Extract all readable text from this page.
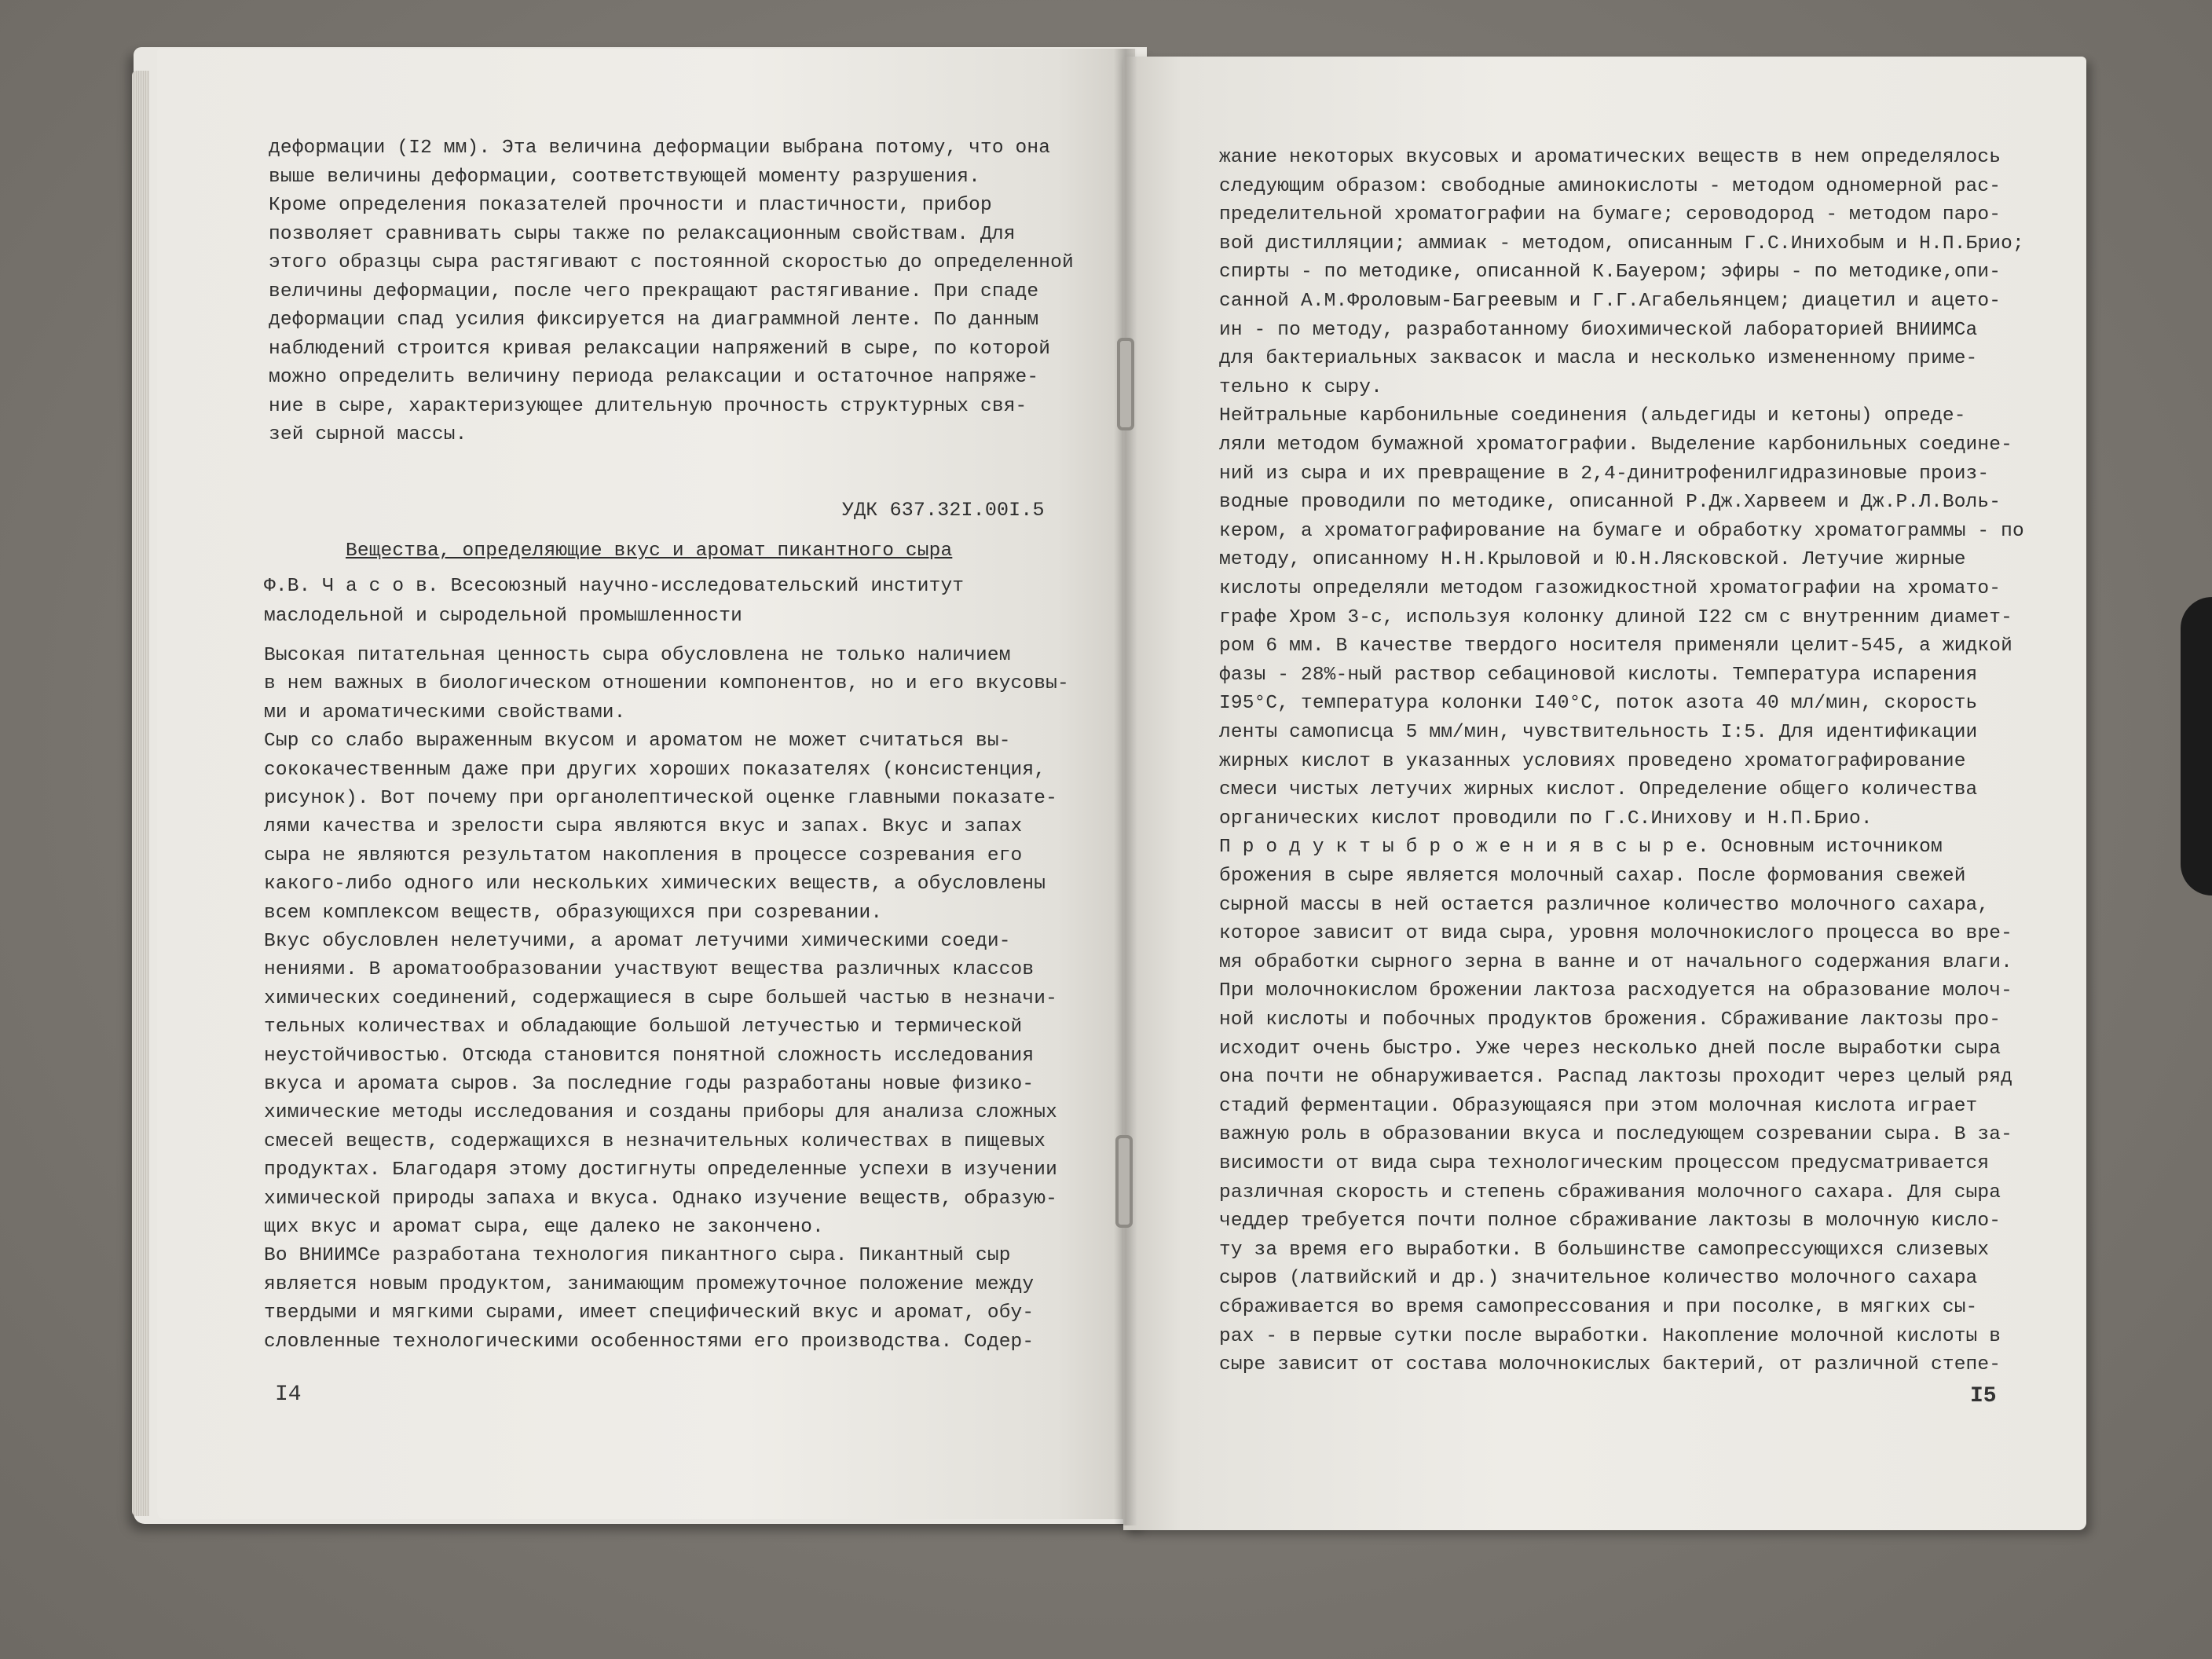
деформации (I2 мм). Эта величина деформации выбрана потому, что она

выше величины деформации, соответствующей моменту разрушения.

Кроме определения показателей прочности и пластичности, прибор

позволяет сравнивать сыры также по релаксационным свойствам. Для

этого образцы сыра растягивают с постоянной скоростью до определенной

величины деформации, после чего прекращают растягивание. При спаде

деформации спад усилия фиксируется на диаграммной ленте. По данным

наблюдений строится кривая релаксации напряжений в сыре, по которой

можно определить величину периода релаксации и остаточное напряже-

ние в сыре, характеризующее длительную прочность структурных свя-

зей сырной массы.

УДК 637.32I.00I.5

Вещества, определяющие вкус и аромат пикантного сыра

Ф.В. Ч а с о в. Всесоюзный научно-исследовательский институт

маслодельной и сыродельной промышленности

Высокая питательная ценность сыра обусловлена не только наличием

в нем важных в биологическом отношении компонентов, но и его вкусовы-

ми и ароматическими свойствами.

Сыр со слабо выраженным вкусом и ароматом не может считаться вы-

сококачественным даже при других хороших показателях (консистенция,

рисунок). Вот почему при органолептической оценке главными показате-

лями качества и зрелости сыра являются вкус и запах. Вкус и запах

сыра не являются результатом накопления в процессе созревания его

какого-либо одного или нескольких химических веществ, а обусловлены

всем комплексом веществ, образующихся при созревании.

Вкус обусловлен нелетучими, а аромат летучими химическими соеди-

нениями. В ароматообразовании участвуют вещества различных классов

химических соединений, содержащиеся в сыре большей частью в незначи-

тельных количествах и обладающие большой летучестью и термической

неустойчивостью. Отсюда становится понятной сложность исследования

вкуса и аромата сыров. За последние годы разработаны новые физико-

химические методы исследования и созданы приборы для анализа сложных

смесей веществ, содержащихся в незначительных количествах в пищевых

продуктах. Благодаря этому достигнуты определенные успехи в изучении

химической природы запаха и вкуса. Однако изучение веществ, образую-

щих вкус и аромат сыра, еще далеко не закончено.

Во ВНИИМСе разработана технология пикантного сыра. Пикантный сыр

является новым продуктом, занимающим промежуточное положение между

твердыми и мягкими сырами, имеет специфический вкус и аромат, обу-

словленные технологическими особенностями его производства. Содер-

I4

жание некоторых вкусовых и ароматических веществ в нем определялось

следующим образом: свободные аминокислоты - методом одномерной рас-

пределительной хроматографии на бумаге; сероводород - методом паро-

вой дистилляции; аммиак - методом, описанным Г.С.Инихобым и Н.П.Брио;

спирты - по методике, описанной К.Бауером; эфиры - по методике,опи-

санной А.М.Фроловым-Багреевым и Г.Г.Агабельянцем; диацетил и ацето-

ин - по методу, разработанному биохимической лабораторией ВНИИМСа

для бактериальных заквасок и масла и несколько измененному приме-

тельно к сыру.

Нейтральные карбонильные соединения (альдегиды и кетоны) опреде-

ляли методом бумажной хроматографии. Выделение карбонильных соедине-

ний из сыра и их превращение в 2,4-динитрофенилгидразиновые произ-

водные проводили по методике, описанной Р.Дж.Харвеем и Дж.Р.Л.Воль-

кером, а хроматографирование на бумаге и обработку хроматограммы - по

методу, описанному Н.Н.Крыловой и Ю.Н.Лясковской. Летучие жирные

кислоты определяли методом газожидкостной хроматографии на хромато-

графе Хром 3-с, используя колонку длиной I22 см с внутренним диамет-

ром 6 мм. В качестве твердого носителя применяли целит-545, а жидкой

фазы - 28%-ный раствор себациновой кислоты. Температура испарения

I95°С, температура колонки I40°С, поток азота 40 мл/мин, скорость

ленты самописца 5 мм/мин, чувствительность I:5. Для идентификации

жирных кислот в указанных условиях проведено хроматографирование

смеси чистых летучих жирных кислот. Определение общего количества

органических кислот проводили по Г.С.Инихову и Н.П.Брио.

П р о д у к т ы б р о ж е н и я в с ы р е. Основным источником

брожения в сыре является молочный сахар. После формования свежей

сырной массы в ней остается различное количество молочного сахара,

которое зависит от вида сыра, уровня молочнокислого процесса во вре-

мя обработки сырного зерна в ванне и от начального содержания влаги.

При молочнокислом брожении лактоза расходуется на образование молоч-

ной кислоты и побочных продуктов брожения. Сбраживание лактозы про-

исходит очень быстро. Уже через несколько дней после выработки сыра

она почти не обнаруживается. Распад лактозы проходит через целый ряд

стадий ферментации. Образующаяся при этом молочная кислота играет

важную роль в образовании вкуса и последующем созревании сыра. В за-

висимости от вида сыра технологическим процессом предусматривается

различная скорость и степень сбраживания молочного сахара. Для сыра

чеддер требуется почти полное сбраживание лактозы в молочную кисло-

ту за время его выработки. В большинстве самопрессующихся слизевых

сыров (латвийский и др.) значительное количество молочного сахара

сбраживается во время самопрессования и при посолке, в мягких сы-

рах - в первые сутки после выработки. Накопление молочной кислоты в

сыре зависит от состава молочнокислых бактерий, от различной степе-

I5
